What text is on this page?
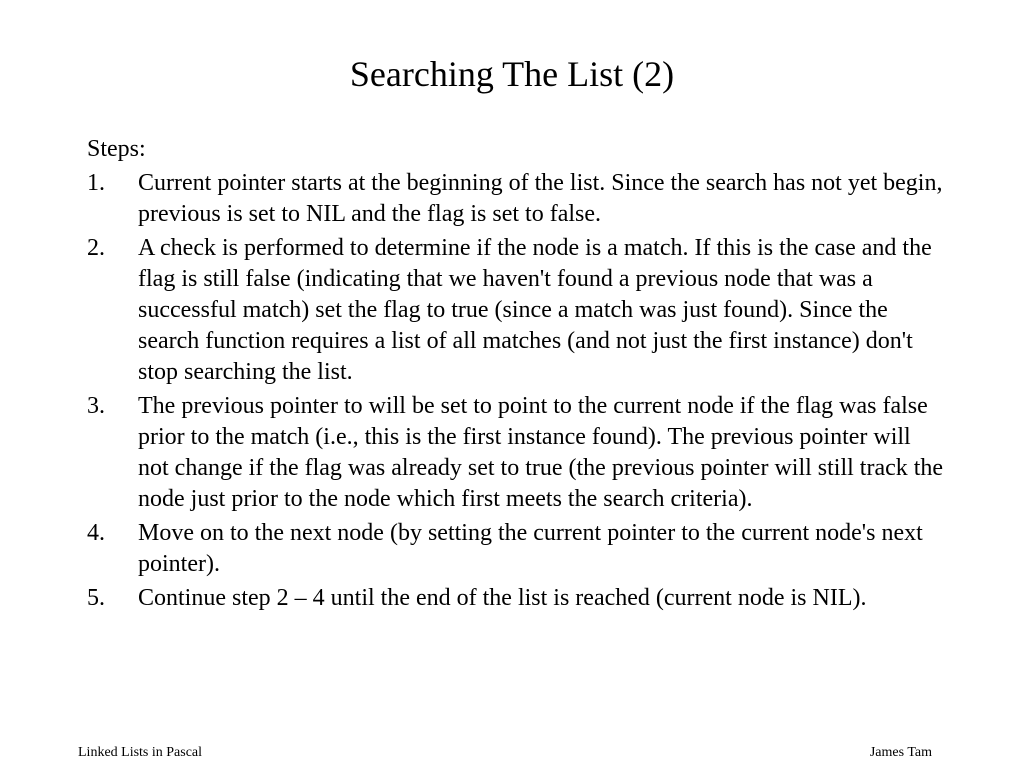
Searching The List (2)
Steps:
1.	Current pointer starts at the beginning of the list. Since the search has not yet begin, previous is set to NIL and the flag is set to false.
2.	A check is performed to determine if the node is a match. If this is the case and the flag is still false (indicating that we haven't found a previous node that was a successful match) set the flag to true (since a match was just found). Since the search function requires a list of all matches (and not just the first instance) don't stop searching the list.
3.	The previous pointer to will be set to point to the current node if the flag was false prior to the match (i.e., this is the first instance found). The previous pointer will not change if the flag was already set to true (the previous pointer will still track the node just prior to the node which first meets the search criteria).
4.	Move on to the next node (by setting the current pointer to the current node's next pointer).
5.	Continue step 2 – 4 until the end of the list is reached (current node is NIL).
Linked Lists in Pascal	James Tam
